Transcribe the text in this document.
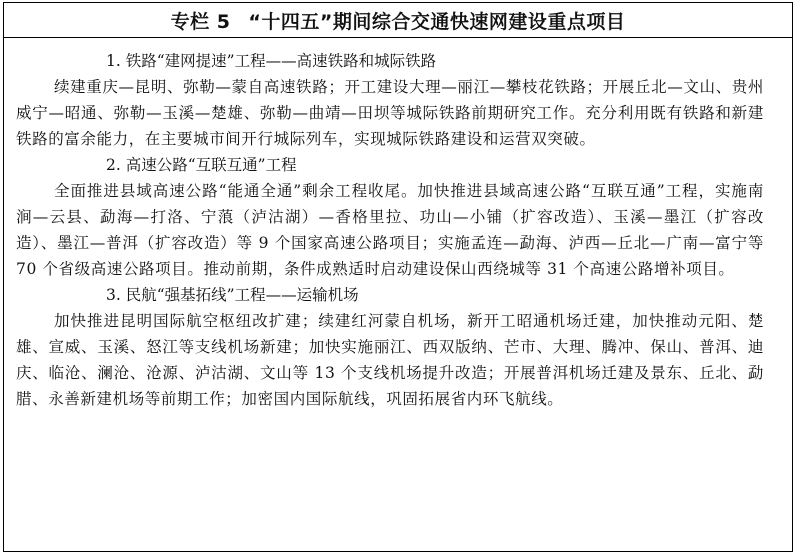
专栏 5 “十四五”期间综合交通快速网建设重点项目
1. 铁路“建网提速”工程——高速铁路和城际铁路
续建重庆—昆明、弥勒—蒙自高速铁路；开工建设大理—丽江—攀枝花铁路；开展丘北—文山、贵州威宁—昭通、弥勒—玉溪—楚雄、弥勒—曲靖—田坝等城际铁路前期研究工作。充分利用既有铁路和新建铁路的富余能力，在主要城市间开行城际列车，实现城际铁路建设和运营双突破。
2. 高速公路“互联互通”工程
全面推进县域高速公路“能通全通”剩余工程收尾。加快推进县域高速公路“互联互通”工程，实施南涧—云县、勐海—打洛、宁蒗（泸沽湖）—香格里拉、功山—小铺（扩容改造）、玉溪—墨江（扩容改造）、墨江—普洱（扩容改造）等 9 个国家高速公路项目；实施孟连—勐海、泸西—丘北—广南—富宁等 70 个省级高速公路项目。推动前期，条件成熟适时启动建设保山西绕城等 31 个高速公路增补项目。
3. 民航“强基拓线”工程——运输机场
加快推进昆明国际航空枢纽改扩建；续建红河蒙自机场，新开工昭通机场迁建，加快推动元阳、楚雄、宣威、玉溪、怒江等支线机场新建；加快实施丽江、西双版纳、芒市、大理、腾冲、保山、普洱、迪庆、临沧、澜沧、沧源、泸沽湖、文山等 13 个支线机场提升改造；开展普洱机场迁建及景东、丘北、勐腊、永善新建机场等前期工作；加密国内国际航线，巩固拓展省内环飞航线。
